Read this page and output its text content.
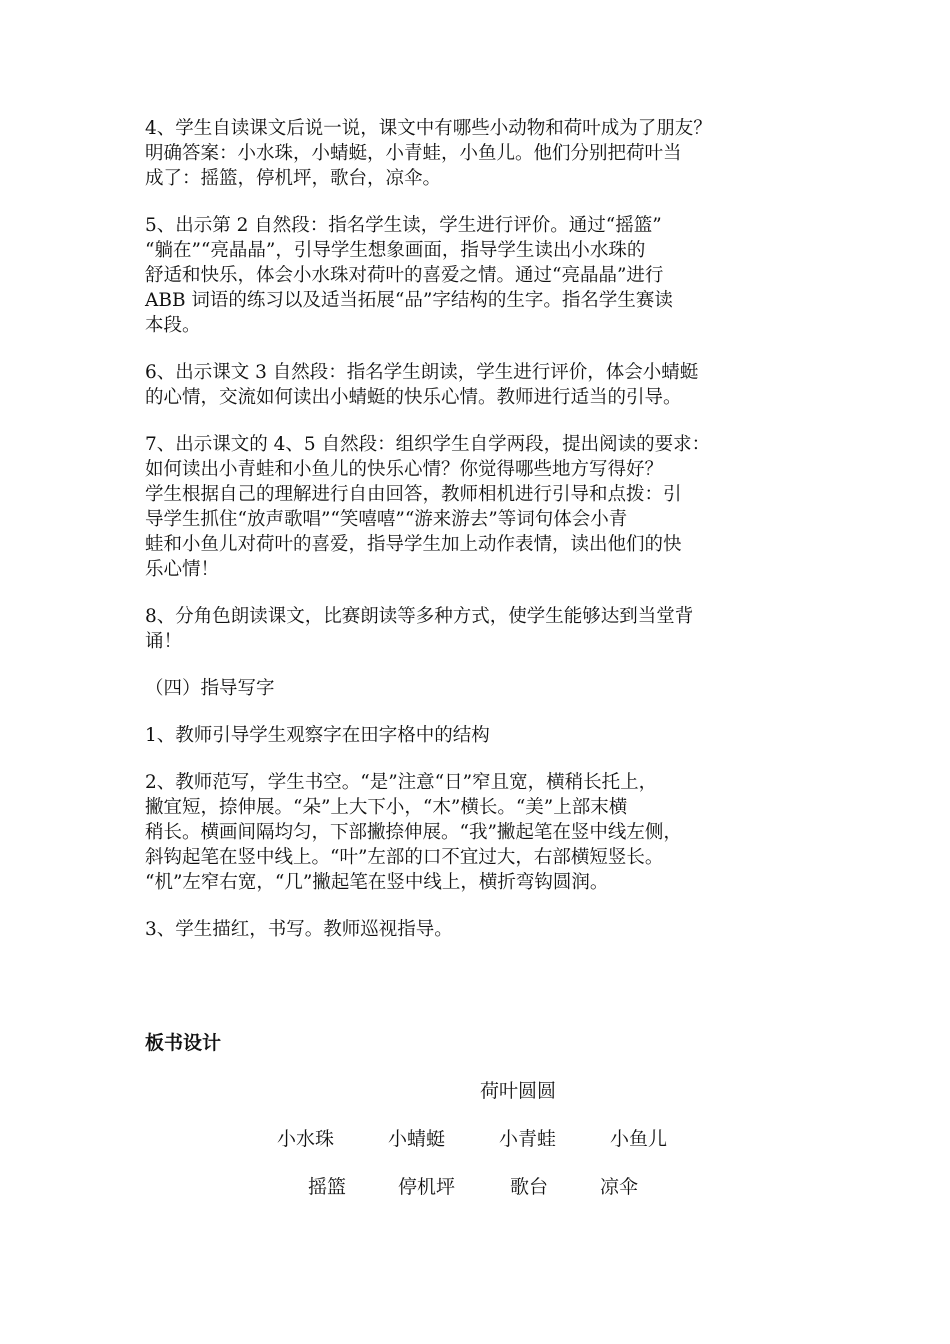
4、学生自读课文后说一说，课文中有哪些小动物和荷叶成为了朋友？
明确答案：小水珠，小蜻蜓，小青蛙，小鱼儿。他们分别把荷叶当
成了：摇篮，停机坪，歌台，凉伞。

5、出示第 2 自然段：指名学生读，学生进行评价。通过“摇篮”
“躺在”“亮晶晶”，引导学生想象画面，指导学生读出小水珠的
舒适和快乐，体会小水珠对荷叶的喜爱之情。通过“亮晶晶”进行
ABB 词语的练习以及适当拓展“品”字结构的生字。指名学生赛读
本段。

6、出示课文 3 自然段：指名学生朗读，学生进行评价，体会小蜻蜓
的心情，交流如何读出小蜻蜓的快乐心情。教师进行适当的引导。

7、出示课文的 4、5 自然段：组织学生自学两段，提出阅读的要求：
如何读出小青蛙和小鱼儿的快乐心情？你觉得哪些地方写得好？
学生根据自己的理解进行自由回答，教师相机进行引导和点拨：引
导学生抓住“放声歌唱”“笑嘻嘻”“游来游去”等词句体会小青
蛙和小鱼儿对荷叶的喜爱，指导学生加上动作表情，读出他们的快
乐心情！

8、分角色朗读课文，比赛朗读等多种方式，使学生能够达到当堂背
诵！

（四）指导写字

1、教师引导学生观察字在田字格中的结构

2、教师范写，学生书空。“是”注意“日”窄且宽，横稍长托上，
撇宜短，捺伸展。“朵”上大下小，“木”横长。“美”上部末横
稍长。横画间隔均匀，下部撇捺伸展。“我”撇起笔在竖中线左侧，
斜钩起笔在竖中线上。“叶”左部的口不宜过大，右部横短竖长。
“机”左窄右宽，“几”撇起笔在竖中线上，横折弯钩圆润。

3、学生描红，书写。教师巡视指导。

板书设计
荷叶圆圆
小水珠	小蜻蜓	小青蛙	小鱼儿
摇篮	停机坪	歌台	凉伞
